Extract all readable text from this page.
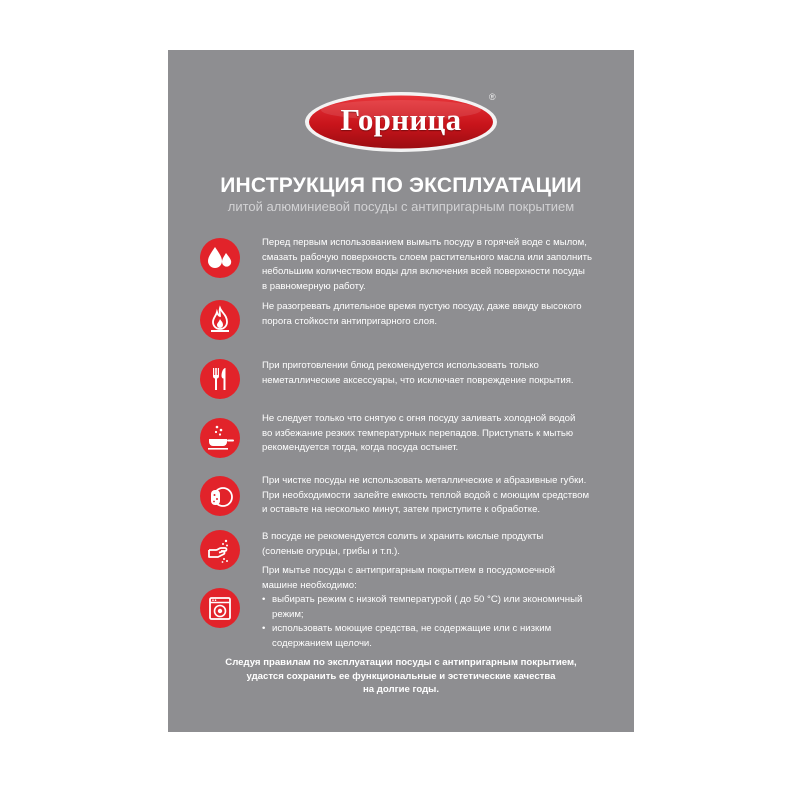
Горница
®
ИНСТРУКЦИЯ ПО ЭКСПЛУАТАЦИИ
литой алюминиевой посуды с антипригарным покрытием

Перед первым использованием вымыть посуду в горячей воде с мылом,

смазать рабочую поверхность слоем растительного масла или заполнить

небольшим количеством воды для включения всей поверхности посуды

в равномерную работу.

Не разогревать длительное время пустую посуду, даже ввиду высокого

порога стойкости антипригарного слоя.

При приготовлении блюд рекомендуется использовать только

неметаллические аксессуары, что исключает повреждение покрытия.

Не следует только что снятую с огня посуду заливать холодной водой

во избежание резких температурных перепадов. Приступать к мытью

рекомендуется тогда, когда посуда остынет.

При чистке посуды не использовать металлические и абразивные губки.

При необходимости залейте емкость теплой водой с моющим средством

и оставьте на несколько минут, затем приступите к обработке.

В посуде не рекомендуется солить и хранить кислые продукты

(соленые огурцы, грибы и т.п.).

При мытье посуды с антипригарным покрытием в посудомоечной

машине необходимо:

• выбирать режим с низкой температурой ( до 50 °C) или экономичный
режим;

• использовать моющие средства, не содержащие или с низким
содержанием щелочи.

Следуя правилам по эксплуатации посуды с антипригарным покрытием,

удастся сохранить ее функциональные и эстетические качества

на долгие годы.
